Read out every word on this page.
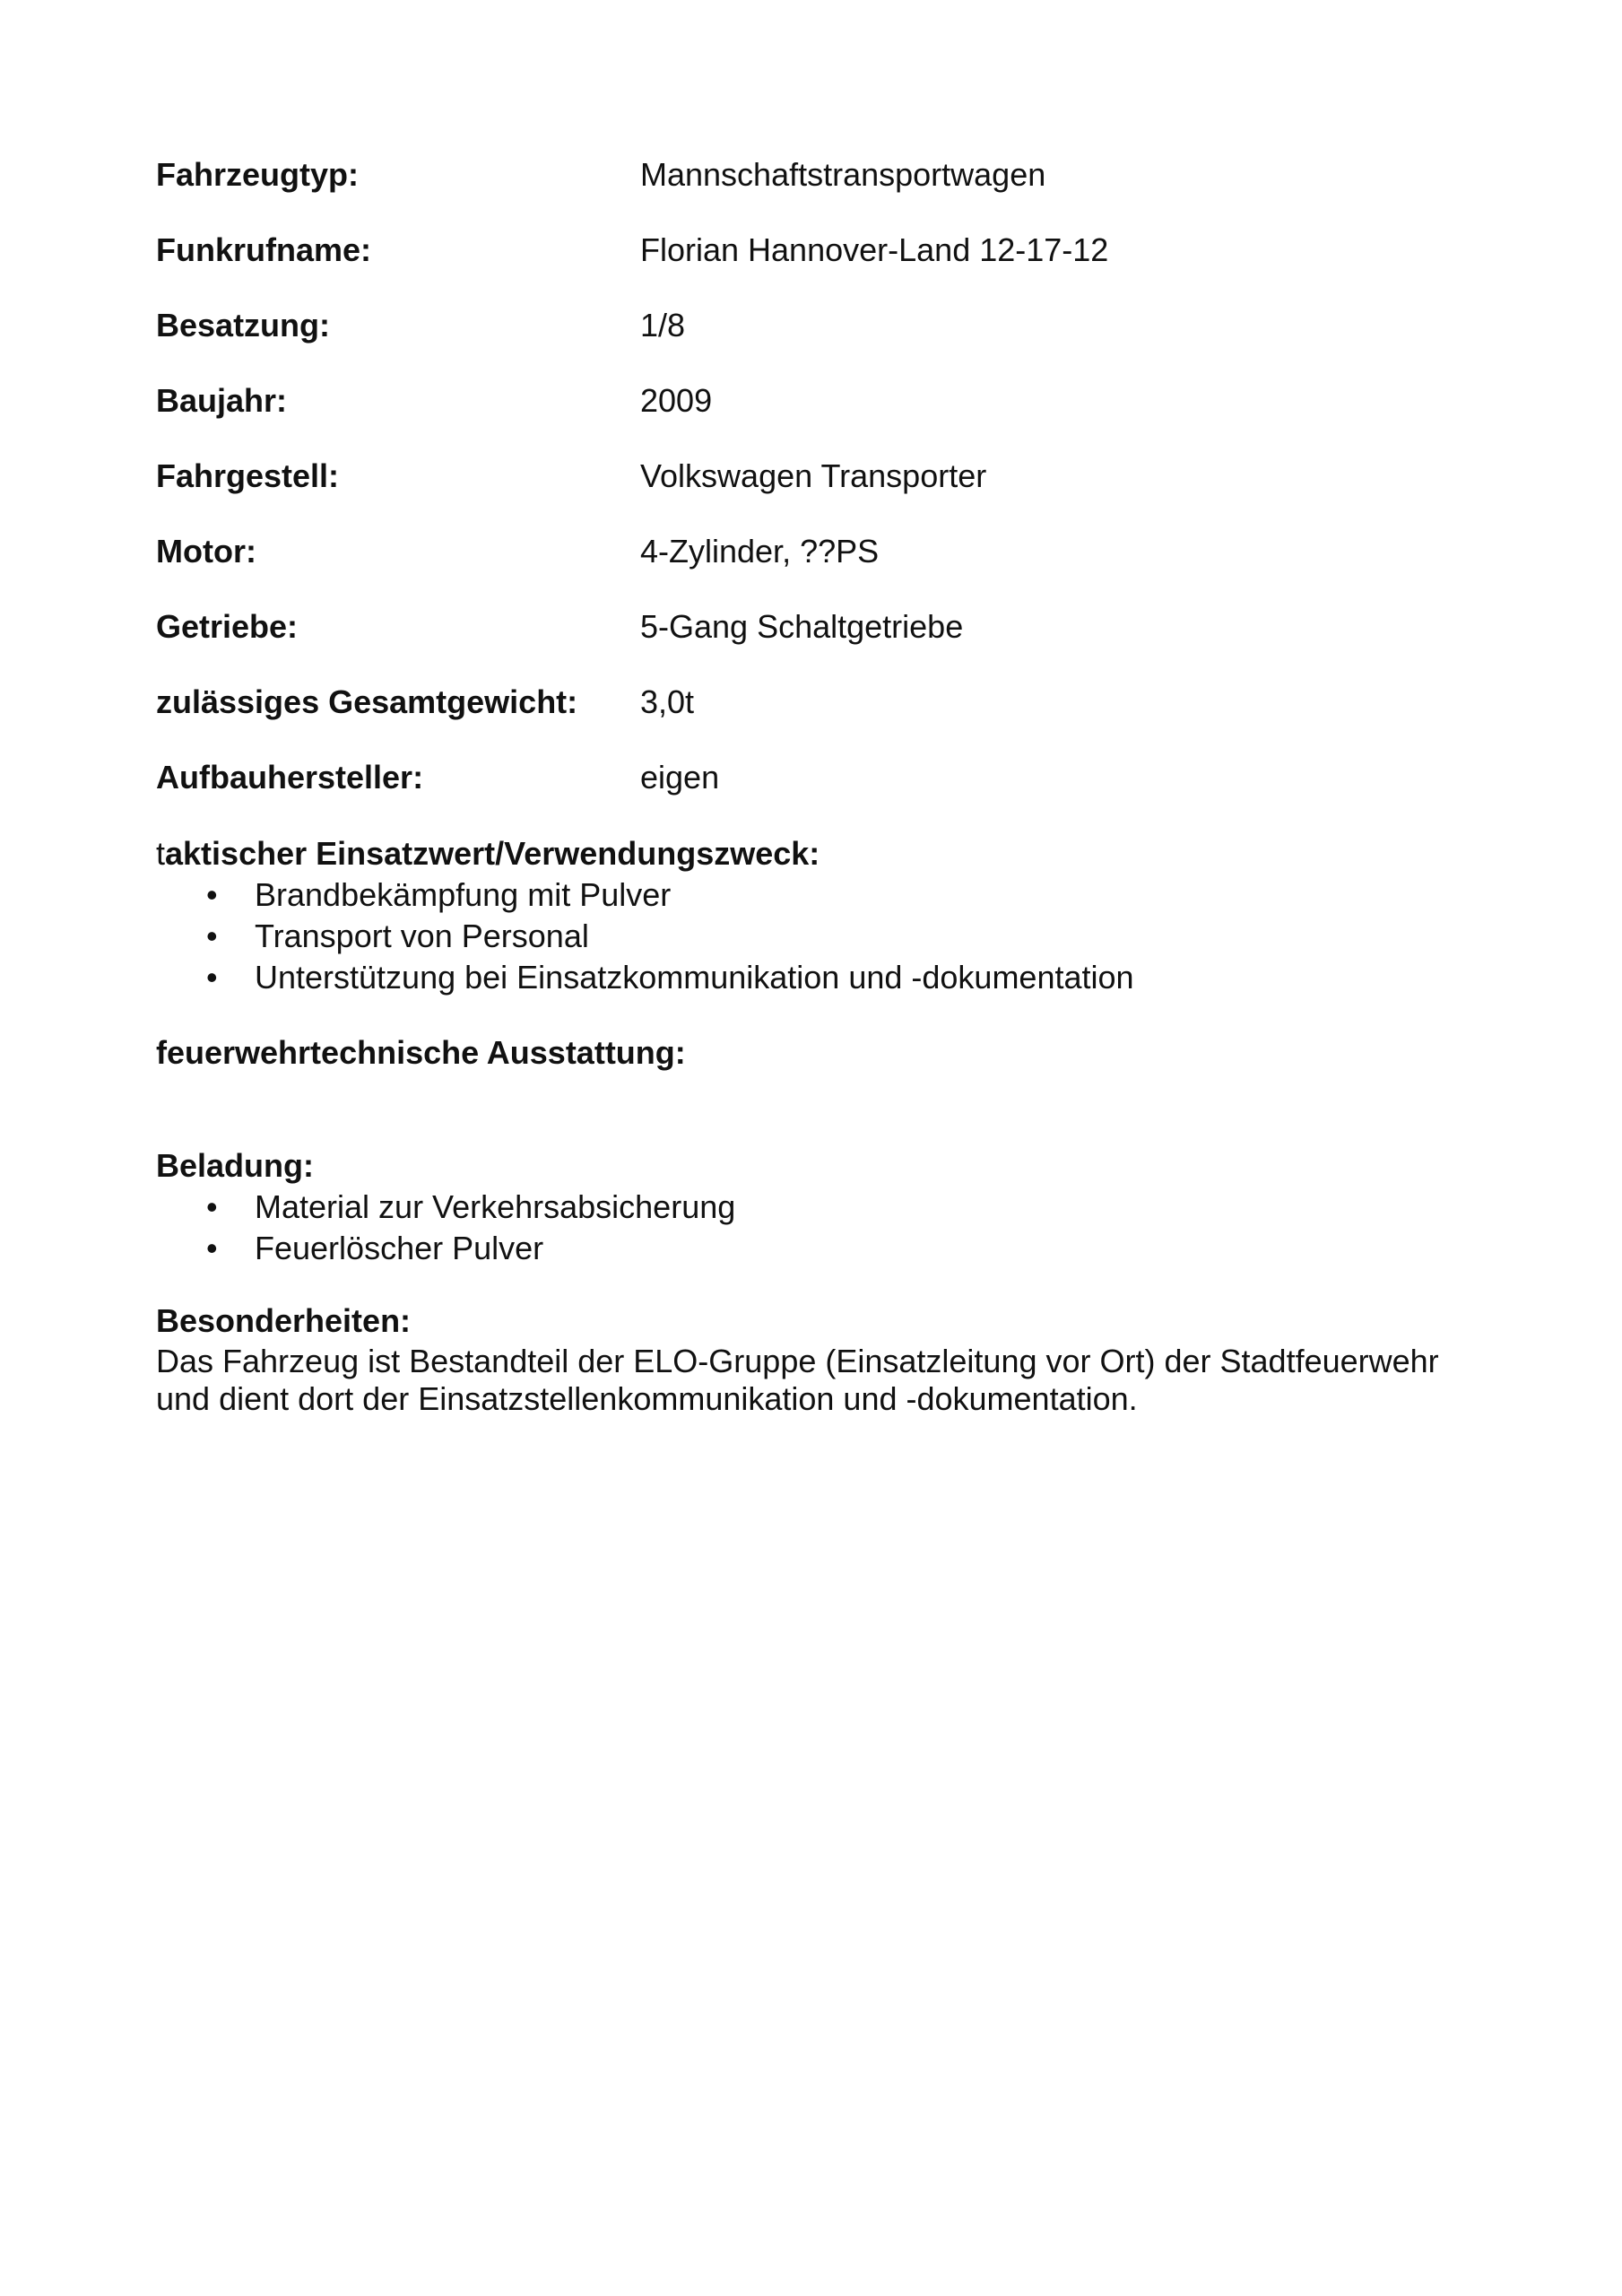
Fahrzeugtyp:	Mannschaftstransportwagen
Funkrufname:	Florian Hannover-Land 12-17-12
Besatzung:	1/8
Baujahr:	2009
Fahrgestell:	Volkswagen Transporter
Motor:	4-Zylinder, ??PS
Getriebe:	5-Gang Schaltgetriebe
zulässiges Gesamtgewicht: 3,0t
Aufbauhersteller:	eigen
taktischer Einsatzwert/Verwendungszweck:
• Brandbekämpfung mit Pulver
• Transport von Personal
• Unterstützung bei Einsatzkommunikation und -dokumentation
feuerwehrtechnische Ausstattung:
Beladung:
• Material zur Verkehrsabsicherung
• Feuerlöscher Pulver
Besonderheiten:

Das Fahrzeug ist Bestandteil der ELO-Gruppe (Einsatzleitung vor Ort) der Stadtfeuerwehr

und dient dort der Einsatzstellenkommunikation und -dokumentation.
